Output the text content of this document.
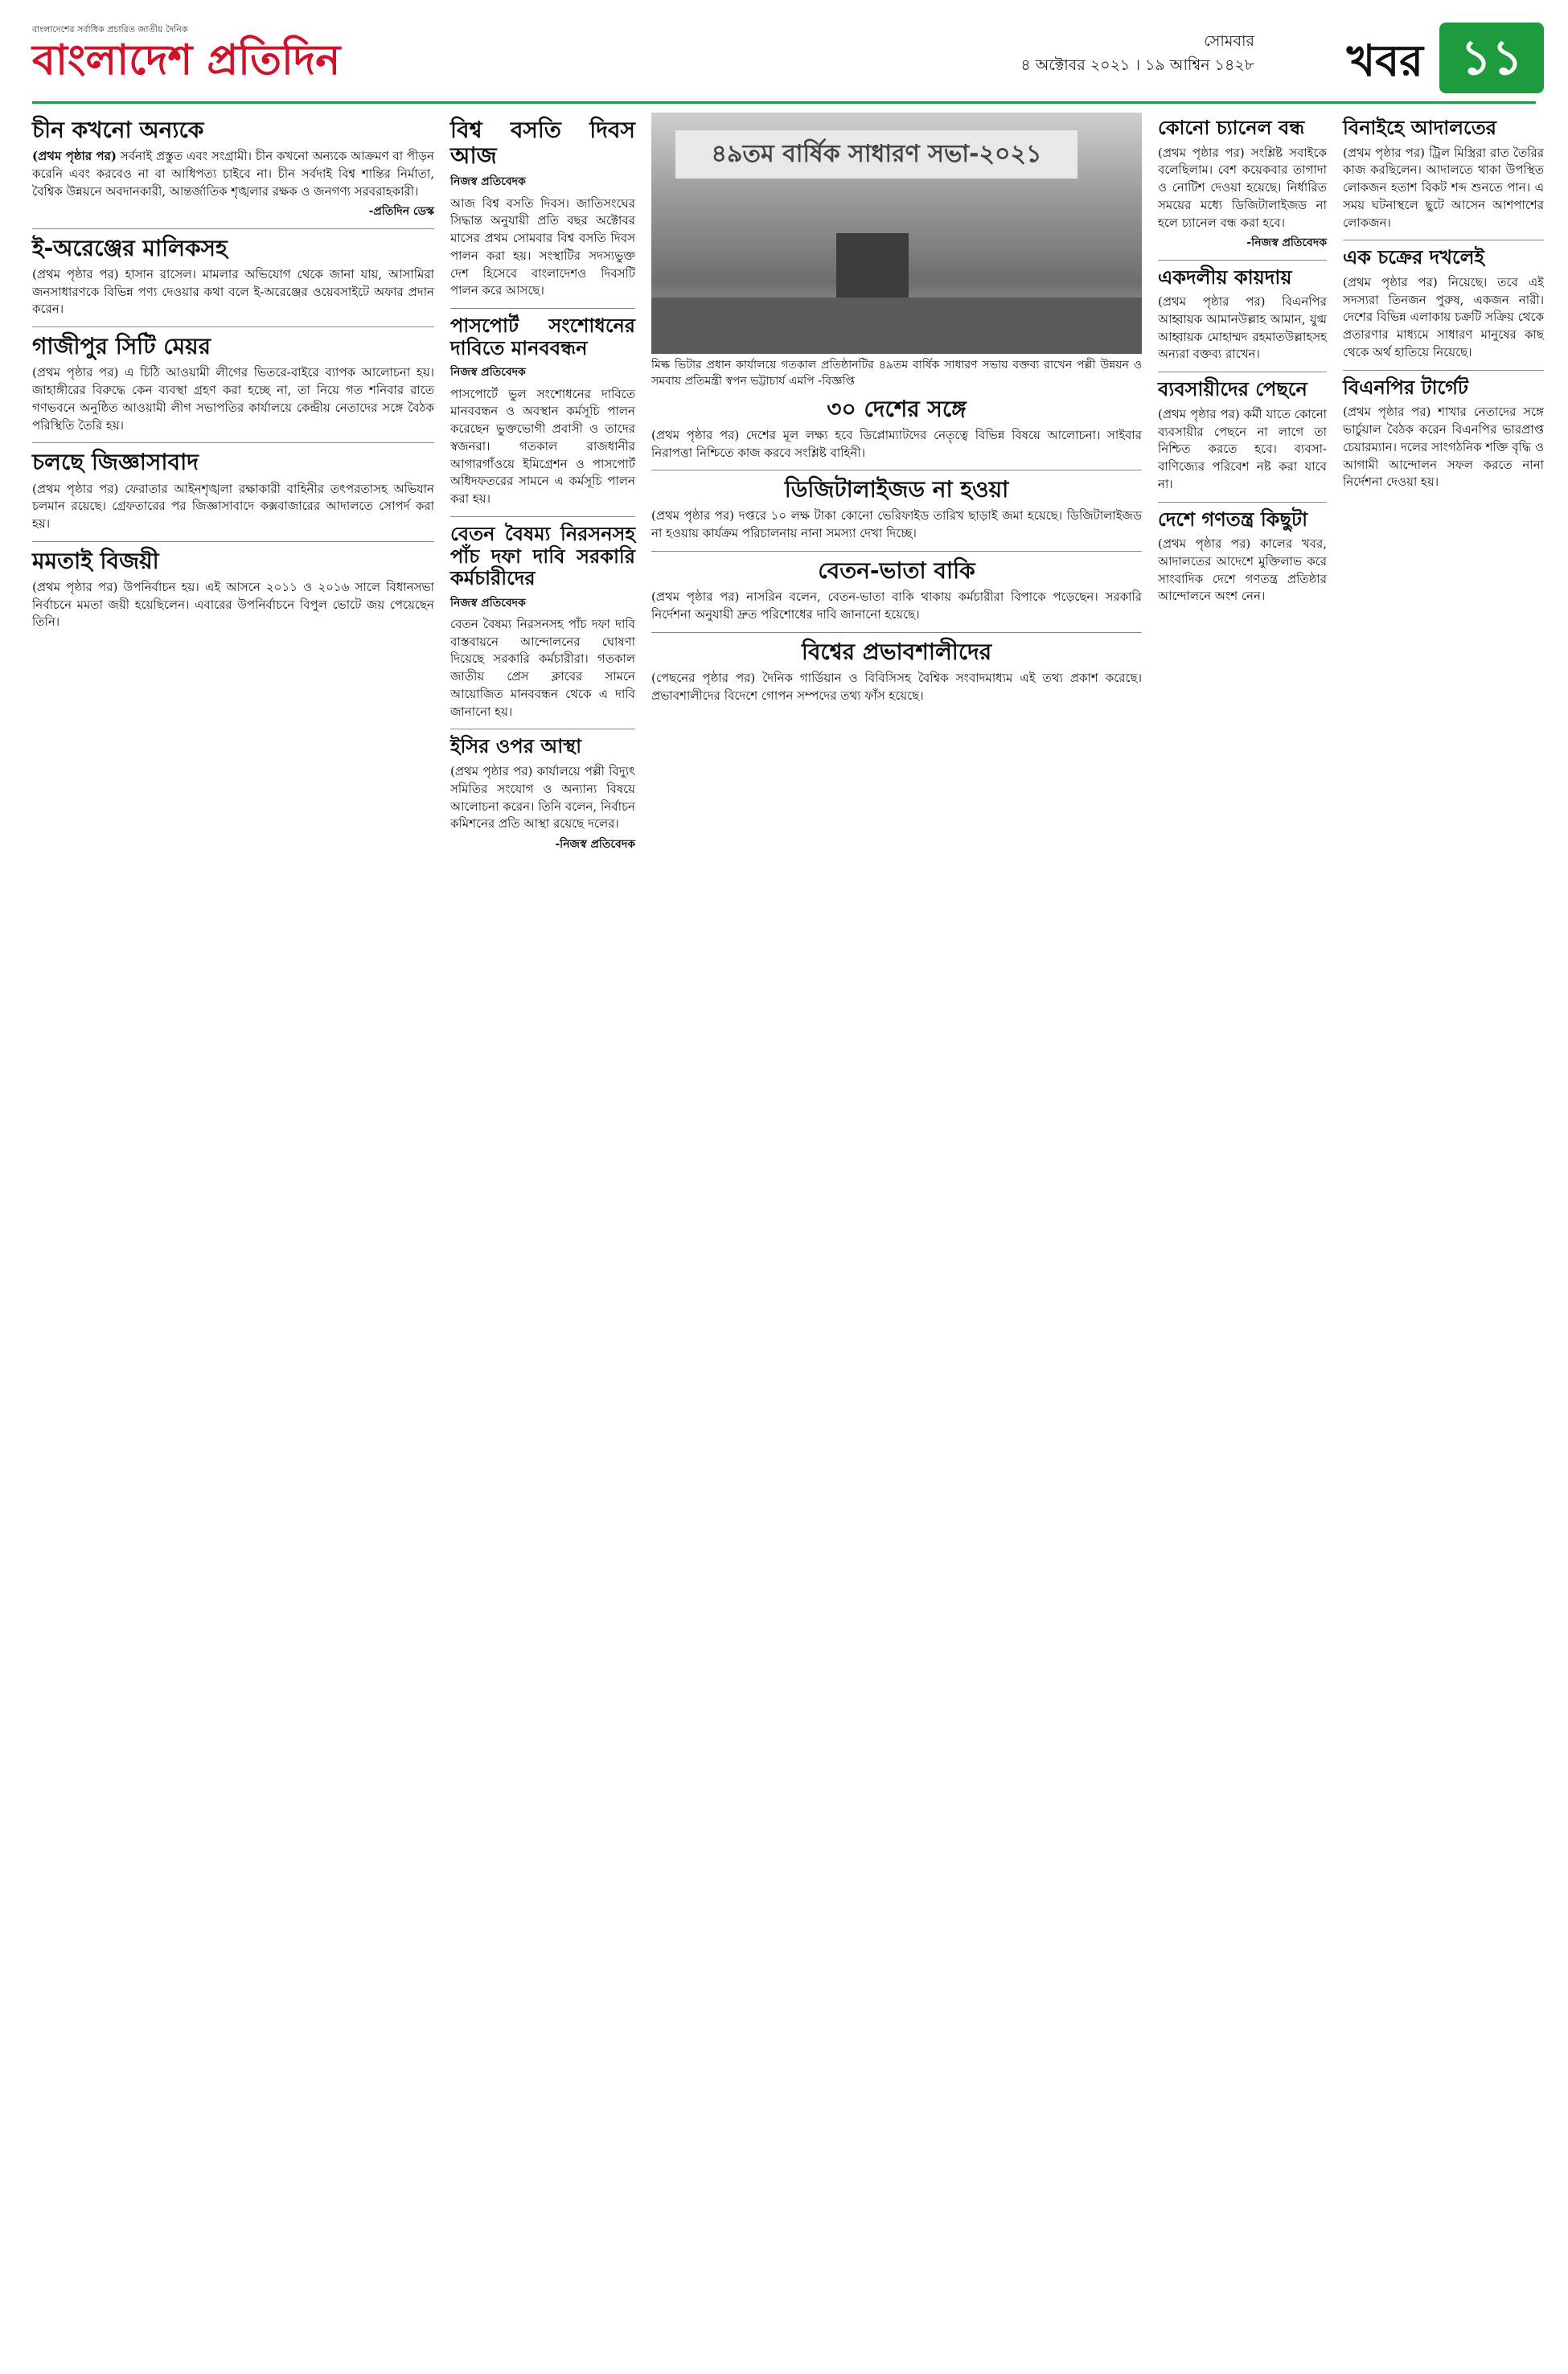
বাংলাদেশের সর্বাধিক প্রচারিত জাতীয় দৈনিক
বাংলাদেশ প্রতিদিন	সোমবার
৪ অক্টোবর ২০২১ । ১৯ আশ্বিন ১৪২৮ খবর ১১
চীন কখনো অন্যকে

(প্রথম পৃষ্ঠার পর) সর্বনাই প্রস্তুত এবং সংগ্রামী। চীন কখনো অন্যকে আক্রমণ বা পীড়ন করেনি এবং করবেও না বা আধিপত্য চাইবে না। চীন সর্বদাই বিশ্ব শান্তির নির্মাতা, বৈশ্বিক উন্নয়নে অবদানকারী, আন্তর্জাতিক শৃঙ্খলার রক্ষক ও জনগণ্য সরবরাহকারী।

-প্রতিদিন ডেস্ক
ই-অরেঞ্জের মালিকসহ

(প্রথম পৃষ্ঠার পর) হাসান রাসেল। মামলার অভিযোগ থেকে জানা যায়, আসামিরা জনসাধারণকে বিভিন্ন পণ্য দেওয়ার কথা বলে ই-অরেঞ্জের ওয়েবসাইটে অফার প্রদান করেন।

গাজীপুর সিটি মেয়র

(প্রথম পৃষ্ঠার পর) এ চিঠি আওয়ামী লীগের ভিতরে-বাইরে ব্যাপক আলোচনা হয়। জাহাঙ্গীরের বিরুদ্ধে কেন ব্যবস্থা গ্রহণ করা হচ্ছে না, তা নিয়ে গত শনিবার রাতে গণভবনে অনুষ্ঠিত আওয়ামী লীগ সভাপতির কার্যালয়ে কেন্দ্রীয় নেতাদের সঙ্গে বৈঠক পরিস্থিতি তৈরি হয়।

চলছে জিজ্ঞাসাবাদ

(প্রথম পৃষ্ঠার পর) ফেরাতার আইনশৃঙ্খলা রক্ষাকারী বাহিনীর তৎপরতাসহ অভিযান চলমান রয়েছে। গ্রেফতারের পর জিজ্ঞাসাবাদে কক্সবাজারের আদালতে সোপর্দ করা হয়।

মমতাই বিজয়ী

(প্রথম পৃষ্ঠার পর) উপনির্বাচন হয়। এই আসনে ২০১১ ও ২০১৬ সালে বিধানসভা নির্বাচনে মমতা জয়ী হয়েছিলেন। এবারের উপনির্বাচনে বিপুল ভোটে জয় পেয়েছেন তিনি।

বিশ্ব বসতি দিবস আজ
নিজস্ব প্রতিবেদক

আজ বিশ্ব বসতি দিবস। জাতিসংঘের সিদ্ধান্ত অনুযায়ী প্রতি বছর অক্টোবর মাসের প্রথম সোমবার বিশ্ব বসতি দিবস পালন করা হয়। সংস্থাটির সদস্যভুক্ত দেশ হিসেবে বাংলাদেশও দিবসটি পালন করে আসছে।

পাসপোর্ট সংশোধনের দাবিতে মানববন্ধন
নিজস্ব প্রতিবেদক

পাসপোর্টে ভুল সংশোধনের দাবিতে মানববন্ধন ও অবস্থান কর্মসূচি পালন করেছেন ভুক্তভোগী প্রবাসী ও তাদের স্বজনরা। গতকাল রাজধানীর আগারগাঁওয়ে ইমিগ্রেশন ও পাসপোর্ট অধিদফতরের সামনে এ কর্মসূচি পালন করা হয়।

বেতন বৈষম্য নিরসনসহ পাঁচ দফা দাবি সরকারি কর্মচারীদের
নিজস্ব প্রতিবেদক

বেতন বৈষম্য নিরসনসহ পাঁচ দফা দাবি বাস্তবায়নে আন্দোলনের ঘোষণা দিয়েছে সরকারি কর্মচারীরা। গতকাল জাতীয় প্রেস ক্লাবের সামনে আয়োজিত মানববন্ধন থেকে এ দাবি জানানো হয়।

ইসির ওপর আস্থা

(প্রথম পৃষ্ঠার পর) কার্যালয়ে পল্লী বিদ্যুৎ সমিতির সংযোগ ও অন্যান্য বিষয়ে আলোচনা করেন। তিনি বলেন, নির্বাচন কমিশনের প্রতি আস্থা রয়েছে দলের।

-নিজস্ব প্রতিবেদক
৪৯তম বার্ষিক সাধারণ সভা-২০২১
মিল্ক ভিটার প্রধান কার্যালয়ে গতকাল প্রতিষ্ঠানটির ৪৯তম বার্ষিক সাধারণ সভায় বক্তব্য রাখেন পল্লী উন্নয়ন ও সমবায় প্রতিমন্ত্রী স্বপন ভট্টাচার্য এমপি -বিজ্ঞপ্তি
৩০ দেশের সঙ্গে

(প্রথম পৃষ্ঠার পর) দেশের মূল লক্ষ্য হবে ডিপ্লোম্যাটদের নেতৃত্বে বিভিন্ন বিষয়ে আলোচনা। সাইবার নিরাপত্তা নিশ্চিতে কাজ করবে সংশ্লিষ্ট বাহিনী।

ডিজিটালাইজড না হওয়া

(প্রথম পৃষ্ঠার পর) দপ্তরে ১০ লক্ষ টাকা কোনো ভেরিফাইড তারিখ ছাড়াই জমা হয়েছে। ডিজিটালাইজড না হওয়ায় কার্যক্রম পরিচালনায় নানা সমস্যা দেখা দিচ্ছে।

বেতন-ভাতা বাকি

(প্রথম পৃষ্ঠার পর) নাসরিন বলেন, বেতন-ভাতা বাকি থাকায় কর্মচারীরা বিপাকে পড়েছেন। সরকারি নির্দেশনা অনুযায়ী দ্রুত পরিশোধের দাবি জানানো হয়েছে।

বিশ্বের প্রভাবশালীদের

(পেছনের পৃষ্ঠার পর) দৈনিক গার্ডিয়ান ও বিবিসিসহ বৈশ্বিক সংবাদমাধ্যম এই তথ্য প্রকাশ করেছে। প্রভাবশালীদের বিদেশে গোপন সম্পদের তথ্য ফাঁস হয়েছে।

কোনো চ্যানেল বন্ধ

(প্রথম পৃষ্ঠার পর) সংশ্লিষ্ট সবাইকে বলেছিলাম। বেশ কয়েকবার তাগাদা ও নোটিশ দেওয়া হয়েছে। নির্ধারিত সময়ের মধ্যে ডিজিটালাইজড না হলে চ্যানেল বন্ধ করা হবে।

-নিজস্ব প্রতিবেদক
একদলীয় কায়দায়

(প্রথম পৃষ্ঠার পর) বিএনপির আহ্বায়ক আমানউল্লাহ আমান, যুগ্ম আহ্বায়ক মোহাম্মদ রহমাতউল্লাহসহ অন্যরা বক্তব্য রাখেন।

ব্যবসায়ীদের পেছনে

(প্রথম পৃষ্ঠার পর) কর্মী যাতে কোনো ব্যবসায়ীর পেছনে না লাগে তা নিশ্চিত করতে হবে। ব্যবসা-বাণিজ্যের পরিবেশ নষ্ট করা যাবে না।

দেশে গণতন্ত্র কিছুটা

(প্রথম পৃষ্ঠার পর) কালের খবর, আদালতের আদেশে মুক্তিলাভ করে সাংবাদিক দেশে গণতন্ত্র প্রতিষ্ঠার আন্দোলনে অংশ নেন।

বিনাইহে আদালতের

(প্রথম পৃষ্ঠার পর) ট্রিল মিস্ত্রিরা রাত তৈরির কাজ করছিলেন। আদালতে থাকা উপস্থিত লোকজন হতাশ বিকট শব্দ শুনতে পান। এ সময় ঘটনাস্থলে ছুটে আসেন আশপাশের লোকজন।

এক চক্রের দখলেই

(প্রথম পৃষ্ঠার পর) নিয়েছে। তবে এই সদস্যরা তিনজন পুরুষ, একজন নারী। দেশের বিভিন্ন এলাকায় চক্রটি সক্রিয় থেকে প্রতারণার মাধ্যমে সাধারণ মানুষের কাছ থেকে অর্থ হাতিয়ে নিয়েছে।

বিএনপির টার্গেট

(প্রথম পৃষ্ঠার পর) শাখার নেতাদের সঙ্গে ভার্চুয়াল বৈঠক করেন বিএনপির ভারপ্রাপ্ত চেয়ারম্যান। দলের সাংগঠনিক শক্তি বৃদ্ধি ও আগামী আন্দোলন সফল করতে নানা নির্দেশনা দেওয়া হয়।
